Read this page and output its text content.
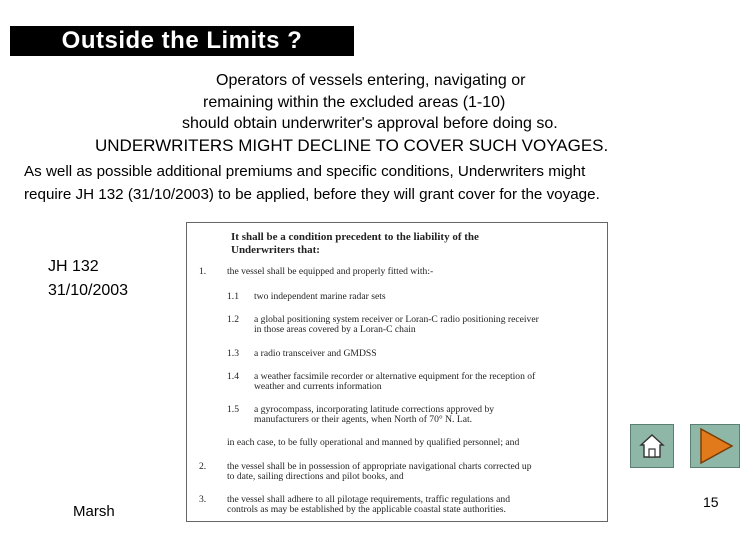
Outside the Limits ?
Operators of vessels entering, navigating or
remaining within the excluded areas (1-10)
should obtain underwriter's approval before doing so.
UNDERWRITERS MIGHT DECLINE TO COVER SUCH VOYAGES.
As well as possible additional premiums and specific conditions, Underwriters might
require JH 132 (31/10/2003) to be applied, before they will grant cover for the voyage.
JH 132
31/10/2003
It shall be a condition precedent to the liability of the
Underwriters that:
1. the vessel shall be equipped and properly fitted with:-
1.1 two independent marine radar sets
1.2 a global positioning system receiver or Loran-C radio positioning receiver
in those areas covered by a Loran-C chain
1.3 a radio transceiver and GMDSS
1.4 a weather facsimile recorder or alternative equipment for the reception of
weather and currents information
1.5 a gyrocompass, incorporating latitude corrections approved by
manufacturers or their agents, when North of 70° N. Lat.
in each case, to be fully operational and manned by qualified personnel; and
2. the vessel shall be in possession of appropriate navigational charts corrected up
to date, sailing directions and pilot books, and
3. the vessel shall adhere to all pilotage requirements, traffic regulations and
controls as may be established by the applicable coastal state authorities.	15
Marsh
